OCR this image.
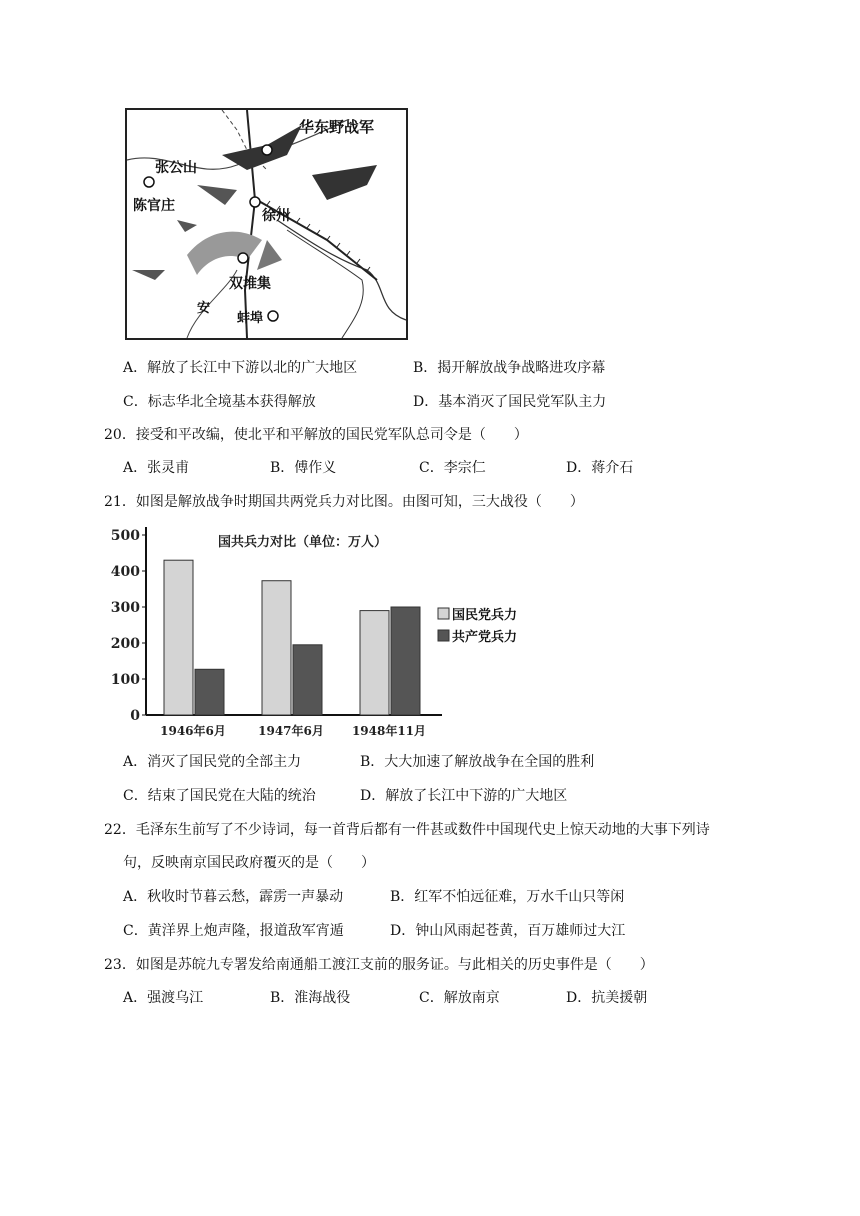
华东野战军
张公山
陈官庄
徐州
双堆集
蚌埠
安
A．解放了长江中下游以北的广大地区	B．揭开解放战争战略进攻序幕
C．标志华北全境基本获得解放	D．基本消灭了国民党军队主力
20．接受和平改编，使北平和平解放的国民党军队总司令是（　　）
A．张灵甫	B．傅作义	C．李宗仁	D．蒋介石
21．如图是解放战争时期国共两党兵力对比图。由图可知，三大战役（　　）
0
100
200
300
400
500	国共兵力对比（单位：万人）
1946年6月	1947年6月 1948年11月
A．消灭了国民党的全部主力	B．大大加速了解放战争在全国的胜利
C．结束了国民党在大陆的统治	D．解放了长江中下游的广大地区
22．毛泽东生前写了不少诗词，每一首背后都有一件甚或数件中国现代史上惊天动地的大事下列诗
句，反映南京国民政府覆灭的是（　　）
A．秋收时节暮云愁，霹雳一声暴动	B．红军不怕远征难，万水千山只等闲
C．黄洋界上炮声隆，报道敌军宵遁	D．钟山风雨起苍黄，百万雄师过大江
23．如图是苏皖九专署发给南通船工渡江支前的服务证。与此相关的历史事件是（　　）
A．强渡乌江	B．淮海战役	C．解放南京	D．抗美援朝
国民党兵力
共产党兵力
